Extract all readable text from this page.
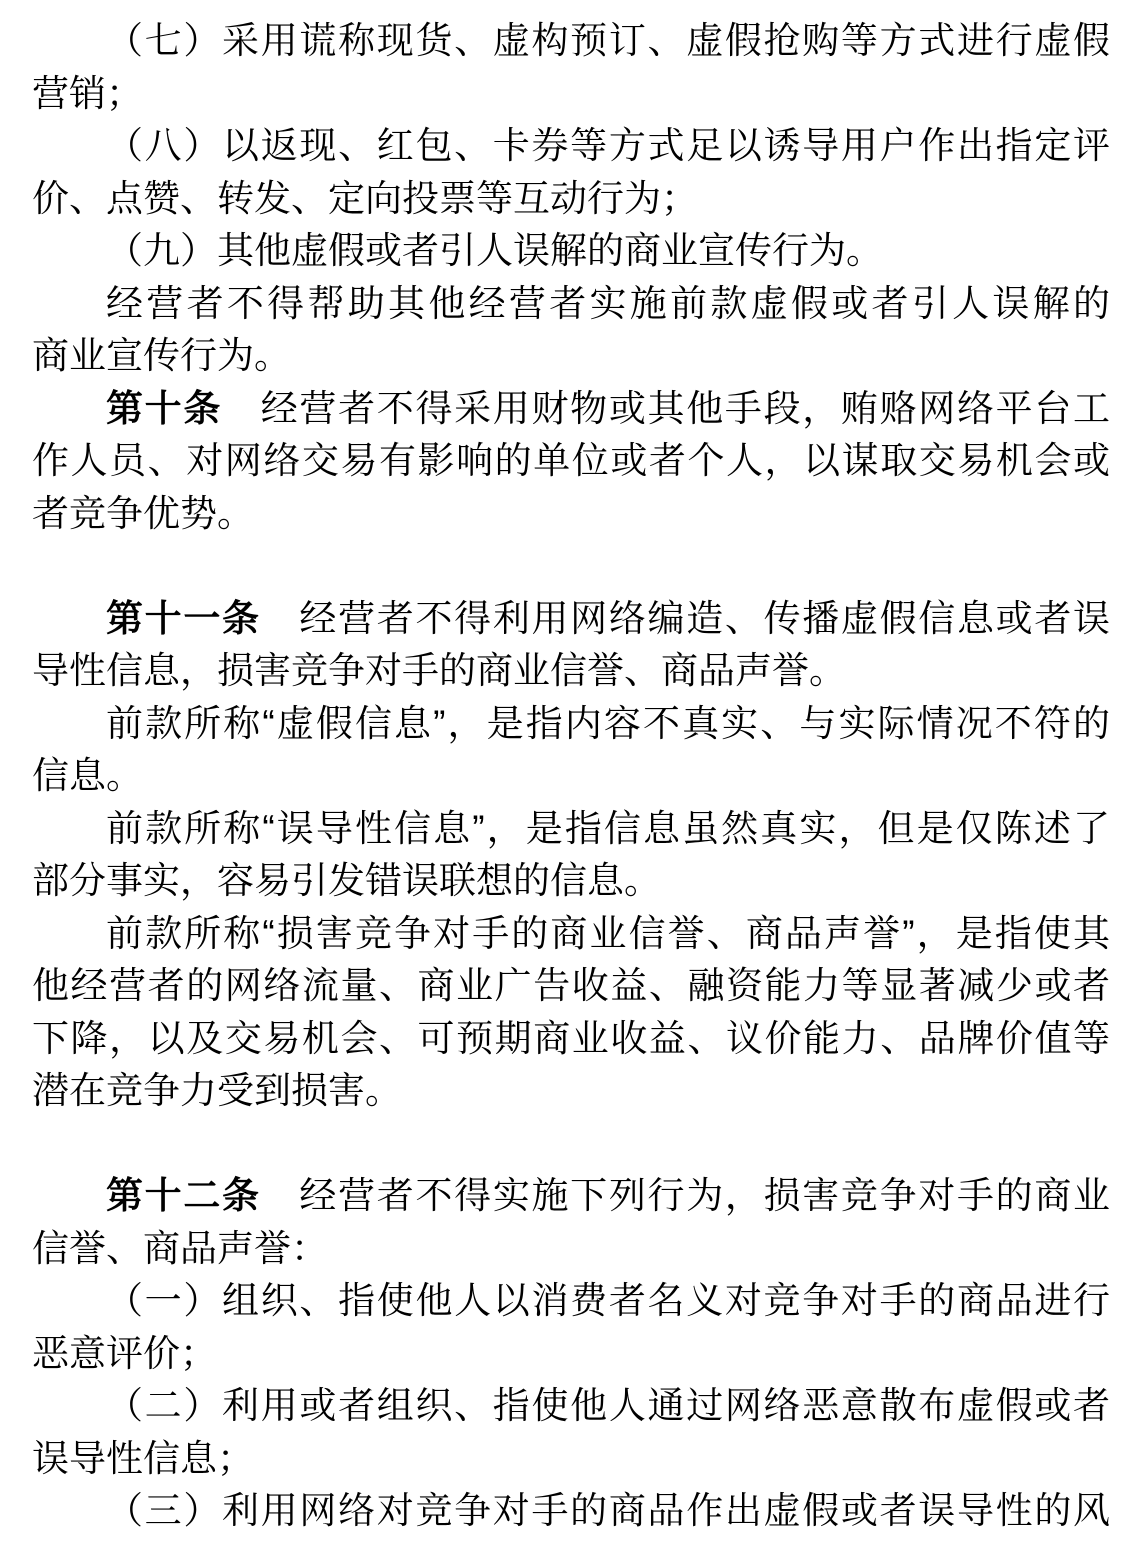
（七）采用谎称现货、虚构预订、虚假抢购等方式进行虚假
营销；
（八）以返现、红包、卡券等方式足以诱导用户作出指定评
价、点赞、转发、定向投票等互动行为；
（九）其他虚假或者引人误解的商业宣传行为。
经营者不得帮助其他经营者实施前款虚假或者引人误解的
商业宣传行为。
第十条　经营者不得采用财物或其他手段，贿赂网络平台工
作人员、对网络交易有影响的单位或者个人，以谋取交易机会或
者竞争优势。
第十一条　经营者不得利用网络编造、传播虚假信息或者误
导性信息，损害竞争对手的商业信誉、商品声誉。
前款所称“虚假信息”，是指内容不真实、与实际情况不符的
信息。
前款所称“误导性信息”，是指信息虽然真实，但是仅陈述了
部分事实，容易引发错误联想的信息。
前款所称“损害竞争对手的商业信誉、商品声誉”，是指使其
他经营者的网络流量、商业广告收益、融资能力等显著减少或者
下降，以及交易机会、可预期商业收益、议价能力、品牌价值等
潜在竞争力受到损害。
第十二条　经营者不得实施下列行为，损害竞争对手的商业
信誉、商品声誉：
（一）组织、指使他人以消费者名义对竞争对手的商品进行
恶意评价；
（二）利用或者组织、指使他人通过网络恶意散布虚假或者
误导性信息；
（三）利用网络对竞争对手的商品作出虚假或者误导性的风
